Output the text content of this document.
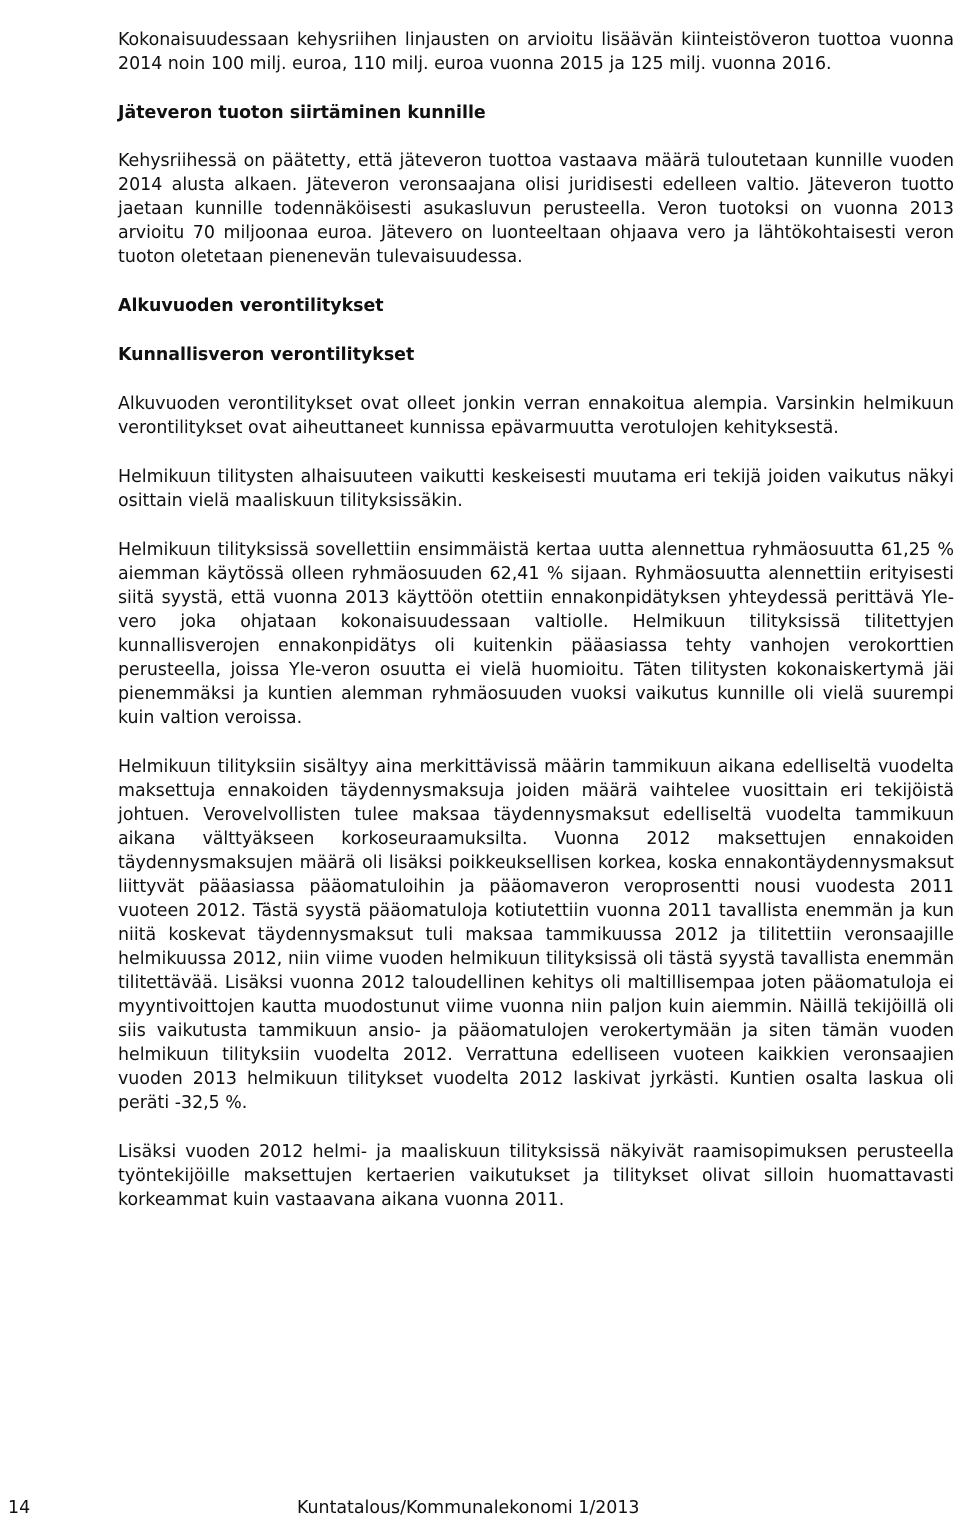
Kokonaisuudessaan kehysriihen linjausten on arvioitu lisäävän kiinteistöveron tuottoa vuonna 2014 noin 100 milj. euroa, 110 milj. euroa vuonna 2015 ja 125 milj. vuonna 2016.

Jäteveron tuoton siirtäminen kunnille

Kehysriihessä on päätetty, että jäteveron tuottoa vastaava määrä tuloutetaan kunnille vuoden 2014 alusta alkaen. Jäteveron veronsaajana olisi juridisesti edelleen valtio. Jäteveron tuotto jaetaan kunnille todennäköisesti asukasluvun perusteella. Veron tuotoksi on vuonna 2013 arvioitu 70 miljoonaa euroa. Jätevero on luonteeltaan ohjaava vero ja lähtökohtaisesti veron tuoton oletetaan pienenevän tulevaisuudessa.

Alkuvuoden verontilitykset

Kunnallisveron verontilitykset

Alkuvuoden verontilitykset ovat olleet jonkin verran ennakoitua alempia. Varsinkin helmikuun verontilitykset ovat aiheuttaneet kunnissa epävarmuutta verotulojen kehityksestä.

Helmikuun tilitysten alhaisuuteen vaikutti keskeisesti muutama eri tekijä joiden vaikutus näkyi osittain vielä maaliskuun tilityksissäkin.

Helmikuun tilityksissä sovellettiin ensimmäistä kertaa uutta alennettua ryhmäosuutta 61,25 % aiemman käytössä olleen ryhmäosuuden 62,41 % sijaan. Ryhmäosuutta alennettiin erityisesti siitä syystä, että vuonna 2013 käyttöön otettiin ennakonpidätyksen yhteydessä perittävä Yle-vero joka ohjataan kokonaisuudessaan valtiolle. Helmikuun tilityksissä tilitettyjen kunnallisverojen ennakonpidätys oli kuitenkin pääasiassa tehty vanhojen verokorttien perusteella, joissa Yle-veron osuutta ei vielä huomioitu. Täten tilitysten kokonaiskertymä jäi pienemmäksi ja kuntien alemman ryhmäosuuden vuoksi vaikutus kunnille oli vielä suurempi kuin valtion veroissa.

Helmikuun tilityksiin sisältyy aina merkittävissä määrin tammikuun aikana edelliseltä vuodelta maksettuja ennakoiden täydennysmaksuja joiden määrä vaihtelee vuosittain eri tekijöistä johtuen. Verovelvollisten tulee maksaa täydennysmaksut edelliseltä vuodelta tammikuun aikana välttyäkseen korkoseuraamuksilta. Vuonna 2012 maksettujen ennakoiden täydennysmaksujen määrä oli lisäksi poikkeuksellisen korkea, koska ennakontäydennysmaksut liittyvät pääasiassa pääomatuloihin ja pääomaveron veroprosentti nousi vuodesta 2011 vuoteen 2012. Tästä syystä pääomatuloja kotiutettiin vuonna 2011 tavallista enemmän ja kun niitä koskevat täydennysmaksut tuli maksaa tammikuussa 2012 ja tilitettiin veronsaajille helmikuussa 2012, niin viime vuoden helmikuun tilityksissä oli tästä syystä tavallista enemmän tilitettävää. Lisäksi vuonna 2012 taloudellinen kehitys oli maltillisempaa joten pääomatuloja ei myyntivoittojen kautta muodostunut viime vuonna niin paljon kuin aiemmin. Näillä tekijöillä oli siis vaikutusta tammikuun ansio- ja pääomatulojen verokertymään ja siten tämän vuoden helmikuun tilityksiin vuodelta 2012. Verrattuna edelliseen vuoteen kaikkien veronsaajien vuoden 2013 helmikuun tilitykset vuodelta 2012 laskivat jyrkästi. Kuntien osalta laskua oli peräti -32,5 %.

Lisäksi vuoden 2012 helmi- ja maaliskuun tilityksissä näkyivät raamisopimuksen perusteella työntekijöille maksettujen kertaerien vaikutukset ja tilitykset olivat silloin huomattavasti korkeammat kuin vastaavana aikana vuonna 2011.

14	Kuntatalous/Kommunalekonomi 1/2013
